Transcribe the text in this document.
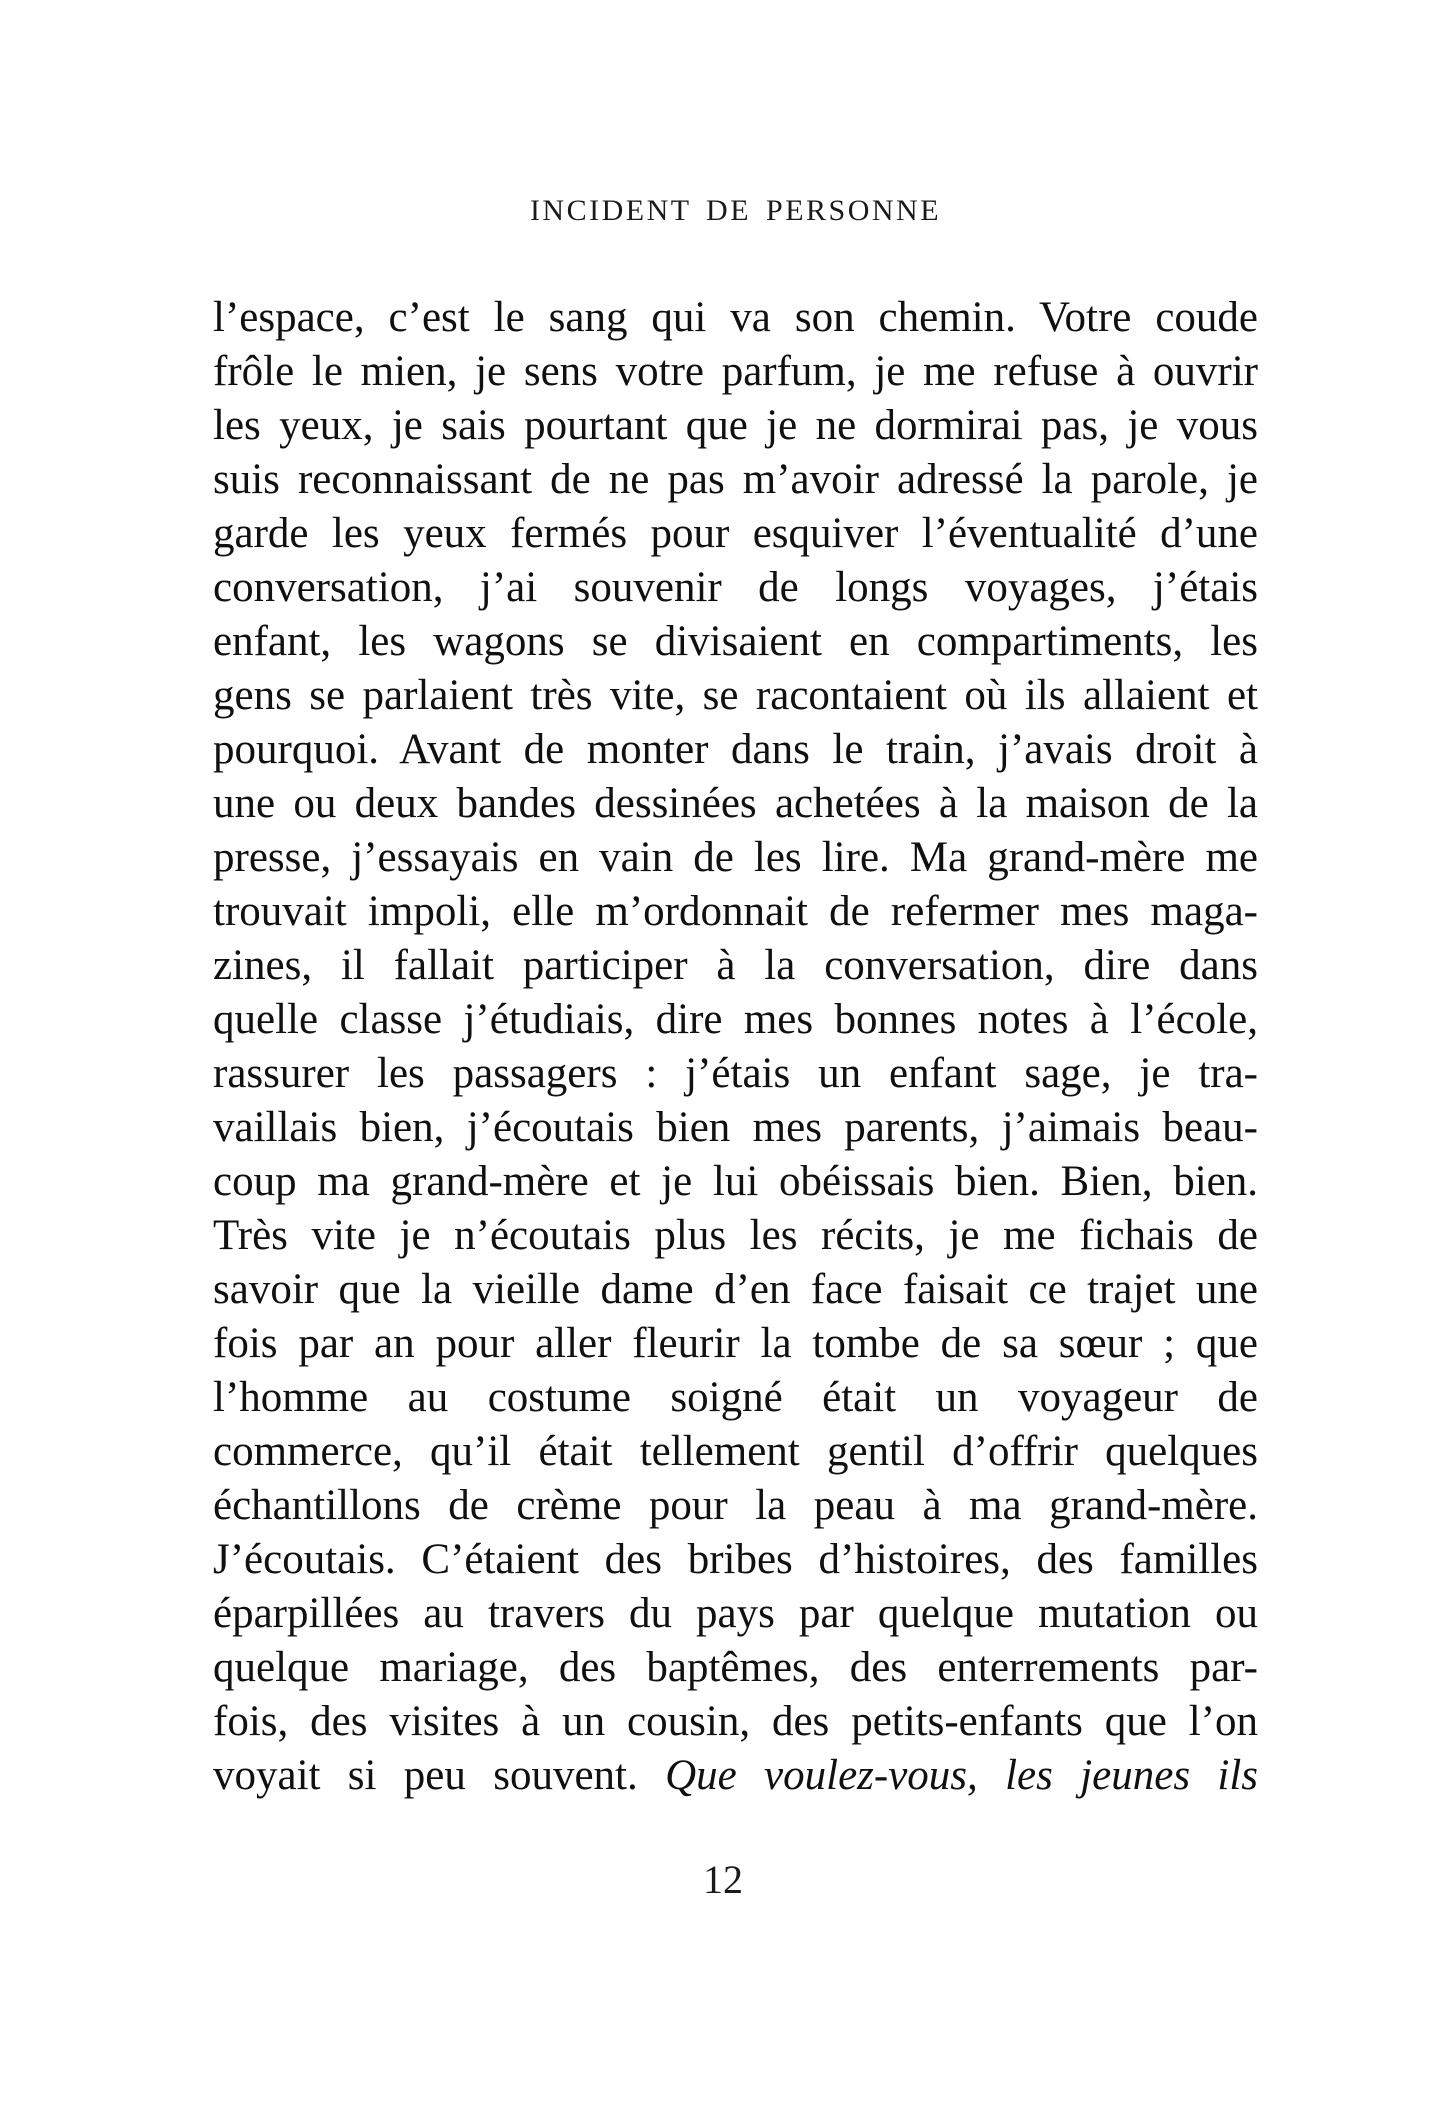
INCIDENT DE PERSONNE
l’espace, c’est le sang qui va son chemin. Votre coude
frôle le mien, je sens votre parfum, je me refuse à ouvrir
les yeux, je sais pourtant que je ne dormirai pas, je vous
suis reconnaissant de ne pas m’avoir adressé la parole, je
garde les yeux fermés pour esquiver l’éventualité d’une
conversation, j’ai souvenir de longs voyages, j’étais
enfant, les wagons se divisaient en compartiments, les
gens se parlaient très vite, se racontaient où ils allaient et
pourquoi. Avant de monter dans le train, j’avais droit à
une ou deux bandes dessinées achetées à la maison de la
presse, j’essayais en vain de les lire. Ma grand-mère me
trouvait impoli, elle m’ordonnait de refermer mes maga-
zines, il fallait participer à la conversation, dire dans
quelle classe j’étudiais, dire mes bonnes notes à l’école,
rassurer les passagers : j’étais un enfant sage, je tra-
vaillais bien, j’écoutais bien mes parents, j’aimais beau-
coup ma grand-mère et je lui obéissais bien. Bien, bien.
Très vite je n’écoutais plus les récits, je me fichais de
savoir que la vieille dame d’en face faisait ce trajet une
fois par an pour aller fleurir la tombe de sa sœur ; que
l’homme au costume soigné était un voyageur de
commerce, qu’il était tellement gentil d’offrir quelques
échantillons de crème pour la peau à ma grand-mère.
J’écoutais. C’étaient des bribes d’histoires, des familles
éparpillées au travers du pays par quelque mutation ou
quelque mariage, des baptêmes, des enterrements par-
fois, des visites à un cousin, des petits-enfants que l’on
voyait si peu souvent. Que voulez-vous, les jeunes ils
12
